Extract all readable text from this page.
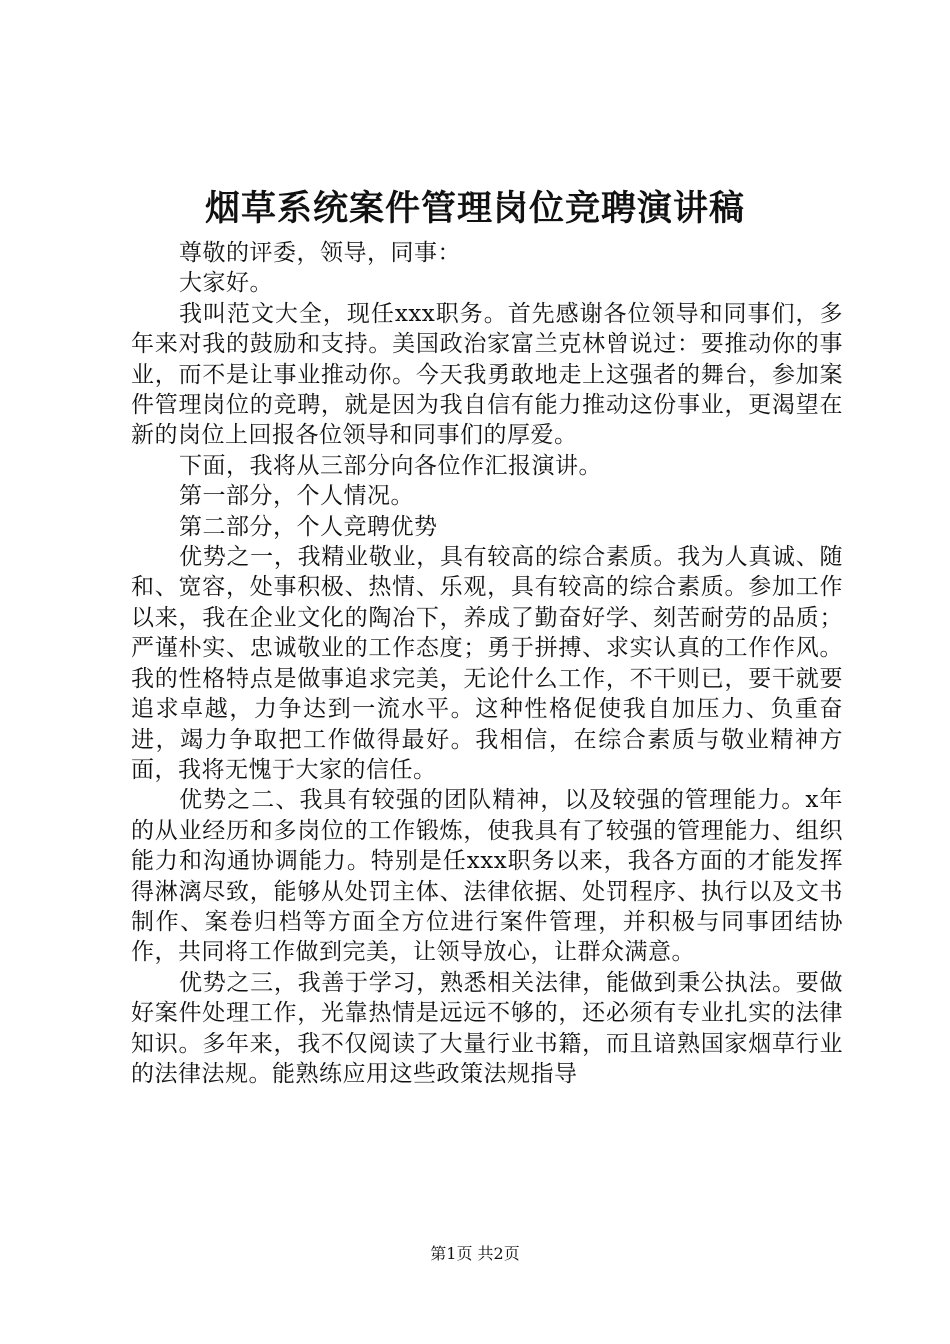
烟草系统案件管理岗位竞聘演讲稿

尊敬的评委，领导，同事：

大家好。

我叫范文大全，现任xxx职务。首先感谢各位领导和同事们，多年来对我的鼓励和支持。美国政治家富兰克林曾说过：要推动你的事业，而不是让事业推动你。今天我勇敢地走上这强者的舞台，参加案件管理岗位的竞聘，就是因为我自信有能力推动这份事业，更渴望在新的岗位上回报各位领导和同事们的厚爱。

下面，我将从三部分向各位作汇报演讲。

第一部分，个人情况。

第二部分，个人竞聘优势

优势之一，我精业敬业，具有较高的综合素质。我为人真诚、随和、宽容，处事积极、热情、乐观，具有较高的综合素质。参加工作以来，我在企业文化的陶冶下，养成了勤奋好学、刻苦耐劳的品质；严谨朴实、忠诚敬业的工作态度；勇于拼搏、求实认真的工作作风。我的性格特点是做事追求完美，无论什么工作，不干则已，要干就要追求卓越，力争达到一流水平。这种性格促使我自加压力、负重奋进，竭力争取把工作做得最好。我相信，在综合素质与敬业精神方面，我将无愧于大家的信任。

优势之二、我具有较强的团队精神，以及较强的管理能力。x年的从业经历和多岗位的工作锻炼，使我具有了较强的管理能力、组织能力和沟通协调能力。特别是任xxx职务以来，我各方面的才能发挥得淋漓尽致，能够从处罚主体、法律依据、处罚程序、执行以及文书制作、案卷归档等方面全方位进行案件管理，并积极与同事团结协作，共同将工作做到完美，让领导放心，让群众满意。

优势之三，我善于学习，熟悉相关法律，能做到秉公执法。要做好案件处理工作，光靠热情是远远不够的，还必须有专业扎实的法律知识。多年来，我不仅阅读了大量行业书籍，而且谙熟国家烟草行业的法律法规。能熟练应用这些政策法规指导

第1页 共2页
